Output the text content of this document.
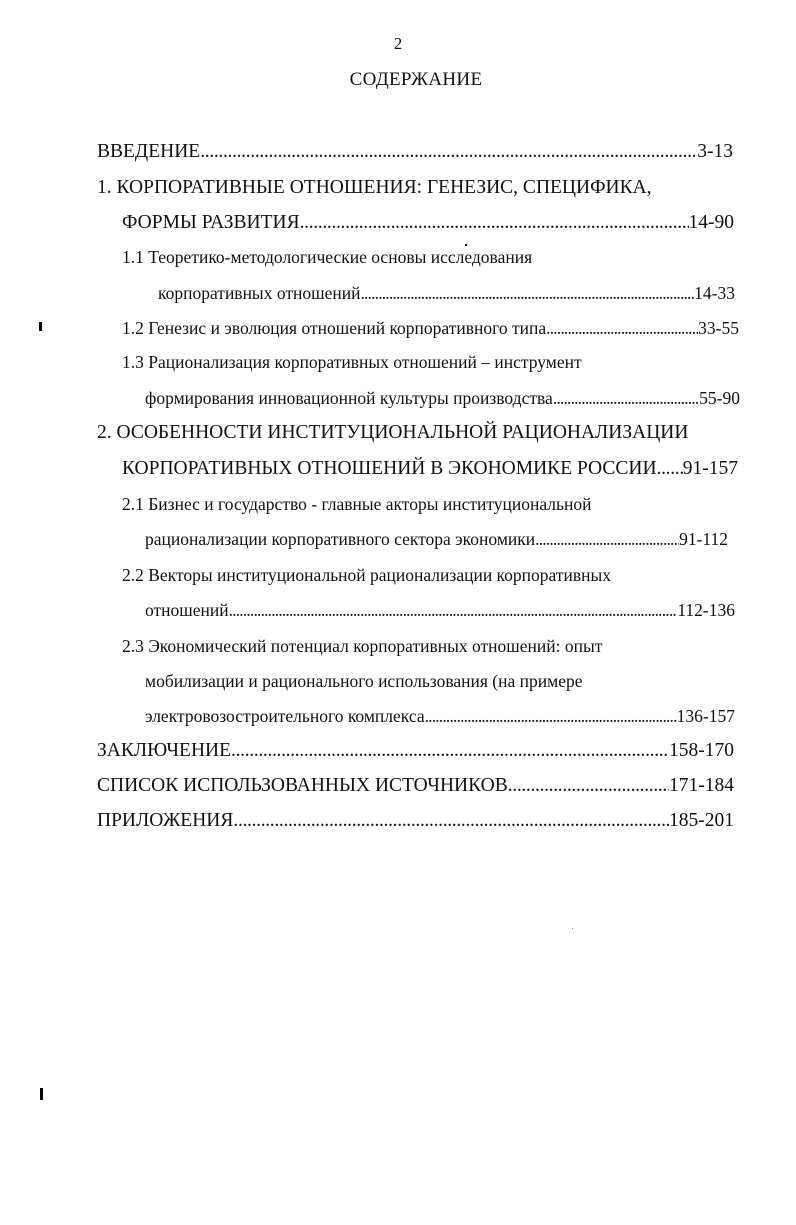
2
СОДЕРЖАНИЕ
ВВЕДЕНИЕ . . .	3-13
1. КОРПОРАТИВНЫЕ ОТНОШЕНИЯ: ГЕНЕЗИС, СПЕЦИФИКА,
ФОРМЫ РАЗВИТИЯ . . .	14-90
1.1 Теоретико-методологические основы исследования
корпоративных отношений . . .	14-33
1.2 Генезис и эволюция отношений корпоративного типа . . .	33-55
1.3 Рационализация корпоративных отношений – инструмент
формирования инновационной культуры производства . . .	55-90
2. ОСОБЕННОСТИ ИНСТИТУЦИОНАЛЬНОЙ РАЦИОНАЛИЗАЦИИ
КОРПОРАТИВНЫХ ОТНОШЕНИЙ В ЭКОНОМИКЕ РОССИИ . . . 91-157
2.1 Бизнес и государство - главные акторы институциональной
рационализации корпоративного сектора экономики . . .	91-112
2.2 Векторы институциональной рационализации корпоративных
отношений . . .	112-136
2.3 Экономический потенциал корпоративных отношений: опыт
мобилизации и рационального использования (на примере
электровозостроительного комплекса . . .	136-157
ЗАКЛЮЧЕНИЕ . . .	158-170
СПИСОК ИСПОЛЬЗОВАННЫХ ИСТОЧНИКОВ . . .	171-184
ПРИЛОЖЕНИЯ . . .	185-201
